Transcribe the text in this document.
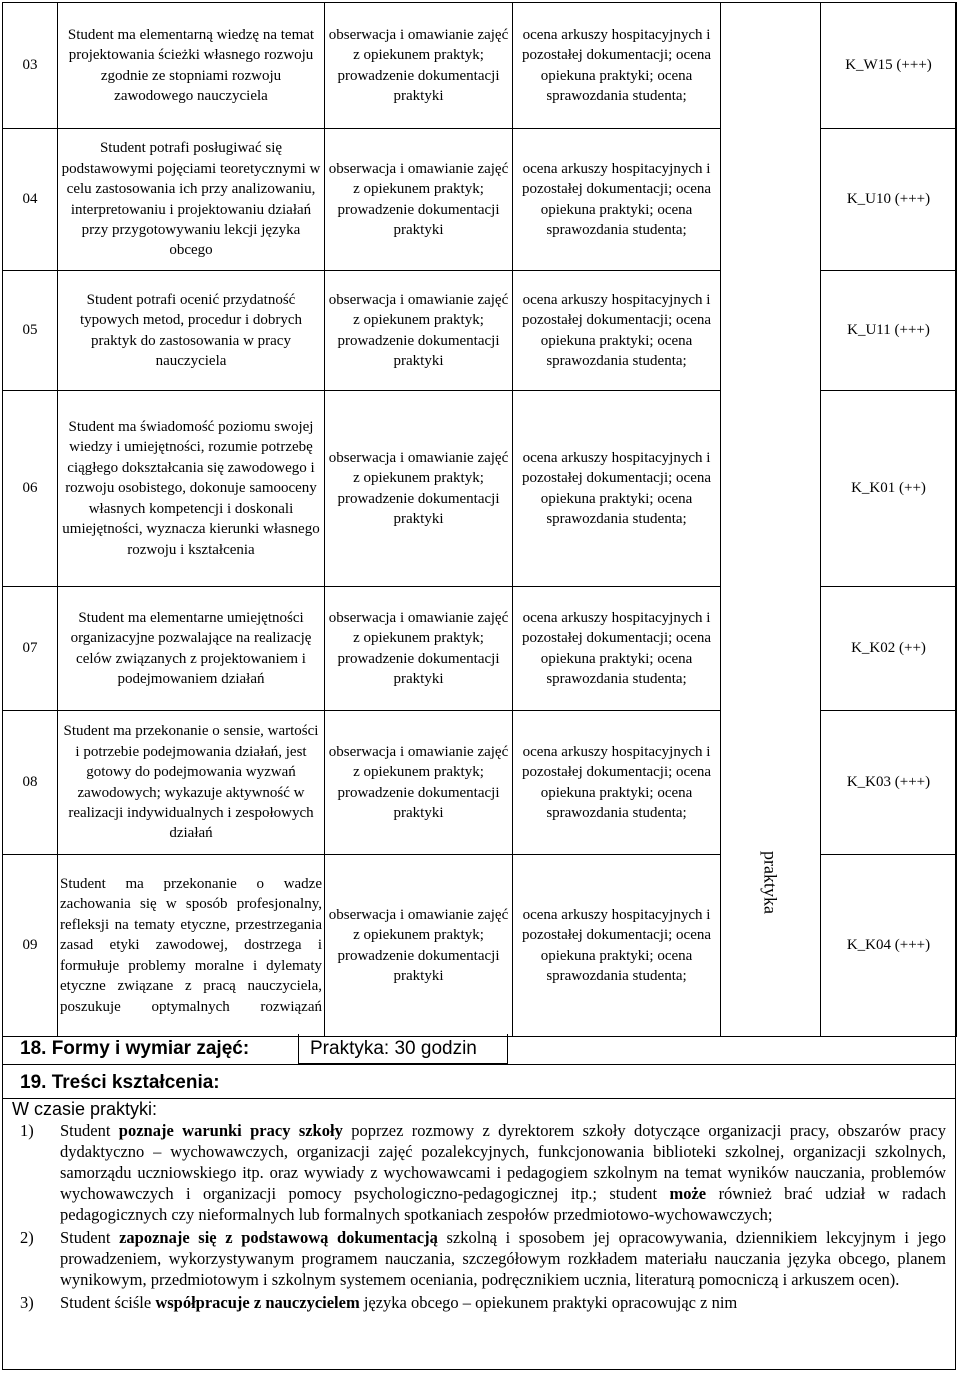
03	Student ma elementarną wiedzę na temat projektowania ścieżki własnego rozwoju zgodnie ze stopniami rozwoju zawodowego nauczyciela	obserwacja i omawianie zajęć z opiekunem praktyk; prowadzenie dokumentacji praktyki	ocena arkuszy hospitacyjnych i pozostałej dokumentacji; ocena opiekuna praktyki; ocena sprawozdania studenta;	praktyka	K_W15 (+++)
04	Student potrafi posługiwać się podstawowymi pojęciami teoretycznymi w celu zastosowania ich przy analizowaniu, interpretowaniu i projektowaniu działań przy przygotowywaniu lekcji języka obcego	obserwacja i omawianie zajęć z opiekunem praktyk; prowadzenie dokumentacji praktyki	ocena arkuszy hospitacyjnych i pozostałej dokumentacji; ocena opiekuna praktyki; ocena sprawozdania studenta;		K_U10 (+++)
05	Student potrafi ocenić przydatność typowych metod, procedur i dobrych praktyk do zastosowania w pracy nauczyciela	obserwacja i omawianie zajęć z opiekunem praktyk; prowadzenie dokumentacji praktyki	ocena arkuszy hospitacyjnych i pozostałej dokumentacji; ocena opiekuna praktyki; ocena sprawozdania studenta;		K_U11 (+++)
06	Student ma świadomość poziomu swojej wiedzy i umiejętności, rozumie potrzebę ciągłego dokształcania się zawodowego i rozwoju osobistego, dokonuje samooceny własnych kompetencji i doskonali umiejętności, wyznacza kierunki własnego rozwoju i kształcenia	obserwacja i omawianie zajęć z opiekunem praktyk; prowadzenie dokumentacji praktyki	ocena arkuszy hospitacyjnych i pozostałej dokumentacji; ocena opiekuna praktyki; ocena sprawozdania studenta;		K_K01 (++)
07	Student ma elementarne umiejętności organizacyjne pozwalające na realizację celów związanych z projektowaniem i podejmowaniem działań	obserwacja i omawianie zajęć z opiekunem praktyk; prowadzenie dokumentacji praktyki	ocena arkuszy hospitacyjnych i pozostałej dokumentacji; ocena opiekuna praktyki; ocena sprawozdania studenta;		K_K02 (++)
08	Student ma przekonanie o sensie, wartości i potrzebie podejmowania działań, jest gotowy do podejmowania wyzwań zawodowych; wykazuje aktywność w realizacji indywidualnych i zespołowych działań	obserwacja i omawianie zajęć z opiekunem praktyk; prowadzenie dokumentacji praktyki	ocena arkuszy hospitacyjnych i pozostałej dokumentacji; ocena opiekuna praktyki; ocena sprawozdania studenta;		K_K03 (+++)
09	Student ma przekonanie o wadze zachowania się w sposób profesjonalny, refleksji na tematy etyczne, przestrzegania zasad etyki zawodowej, dostrzega i formułuje problemy moralne i dylematy etyczne związane z pracą nauczyciela, poszukuje optymalnych rozwiązań	obserwacja i omawianie zajęć z opiekunem praktyk; prowadzenie dokumentacji praktyki	ocena arkuszy hospitacyjnych i pozostałej dokumentacji; ocena opiekuna praktyki; ocena sprawozdania studenta;		K_K04 (+++)
18. Formy i wymiar zajęć:	Praktyka: 30 godzin
19. Treści kształcenia:
W czasie praktyki:
1) Student poznaje warunki pracy szkoły poprzez rozmowy z dyrektorem szkoły dotyczące organizacji pracy, obszarów pracy dydaktyczno – wychowawczych, organizacji zajęć pozalekcyjnych, funkcjonowania biblioteki szkolnej, organizacji szkolnych, samorządu uczniowskiego itp. oraz wywiady z wychowawcami i pedagogiem szkolnym na temat wyników nauczania, problemów wychowawczych i organizacji pomocy psychologiczno-pedagogicznej itp.; student może również brać udział w radach pedagogicznych czy nieformalnych lub formalnych spotkaniach zespołów przedmiotowo-wychowawczych;
2) Student zapoznaje się z podstawową dokumentacją szkolną i sposobem jej opracowywania, dziennikiem lekcyjnym i jego prowadzeniem, wykorzystywanym programem nauczania, szczegółowym rozkładem materiału nauczania języka obcego, planem wynikowym, przedmiotowym i szkolnym systemem oceniania, podręcznikiem ucznia, literaturą pomocniczą i arkuszem ocen).
3) Student ściśle współpracuje z nauczycielem języka obcego – opiekunem praktyki opracowując z nim
